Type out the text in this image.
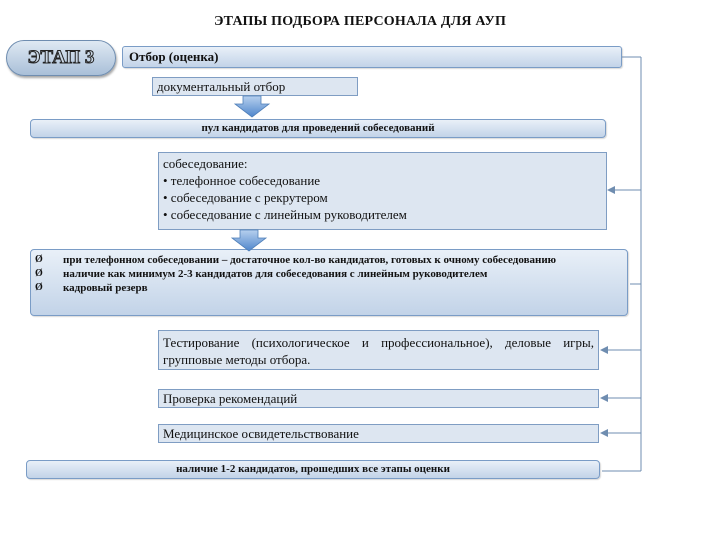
ЭТАПЫ ПОДБОРА ПЕРСОНАЛА ДЛЯ АУП
ЭТАП 3	Отбор (оценка)
документальный отбор
пул кандидатов для проведений собеседований
собеседование:
• телефонное собеседование
• собеседование с рекрутером
• собеседование с линейным руководителем
Ø	при телефонном собеседовании – достаточное кол-во кандидатов, готовых к очному собеседованию
Ø	наличие как минимум 2-3 кандидатов для собеседования с линейным руководителем
Ø	кадровый резерв
Тестирование (психологическое и профессиональное), деловые игры, групповые методы отбора.
Проверка рекомендаций
Медицинское освидетельствование
наличие 1-2 кандидатов, прошедших все этапы оценки
